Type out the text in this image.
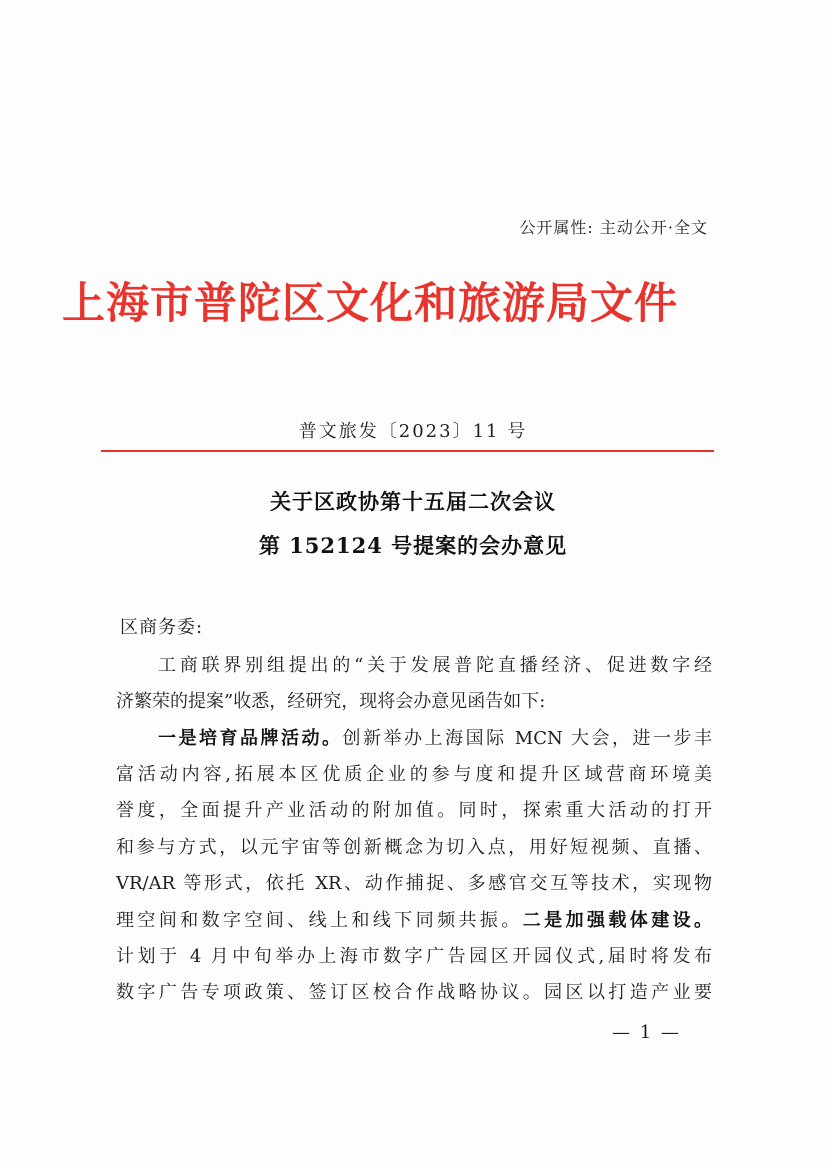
公开属性: 主动公开·全文
上海市普陀区文化和旅游局文件
普文旅发〔2023〕11 号
关于区政协第十五届二次会议
第 152124 号提案的会办意见
区商务委:
工商联界别组提出的“关于发展普陀直播经济、促进数字经
济繁荣的提案”收悉，经研究，现将会办意见函告如下:
一是培育品牌活动。创新举办上海国际 MCN 大会，进一步丰
富活动内容,拓展本区优质企业的参与度和提升区域营商环境美
誉度，全面提升产业活动的附加值。同时，探索重大活动的打开
和参与方式，以元宇宙等创新概念为切入点，用好短视频、直播、
VR/AR 等形式，依托 XR、动作捕捉、多感官交互等技术，实现物
理空间和数字空间、线上和线下同频共振。二是加强载体建设。
计划于 4 月中旬举办上海市数字广告园区开园仪式,届时将发布
数字广告专项政策、签订区校合作战略协议。园区以打造产业要
— 1 —
